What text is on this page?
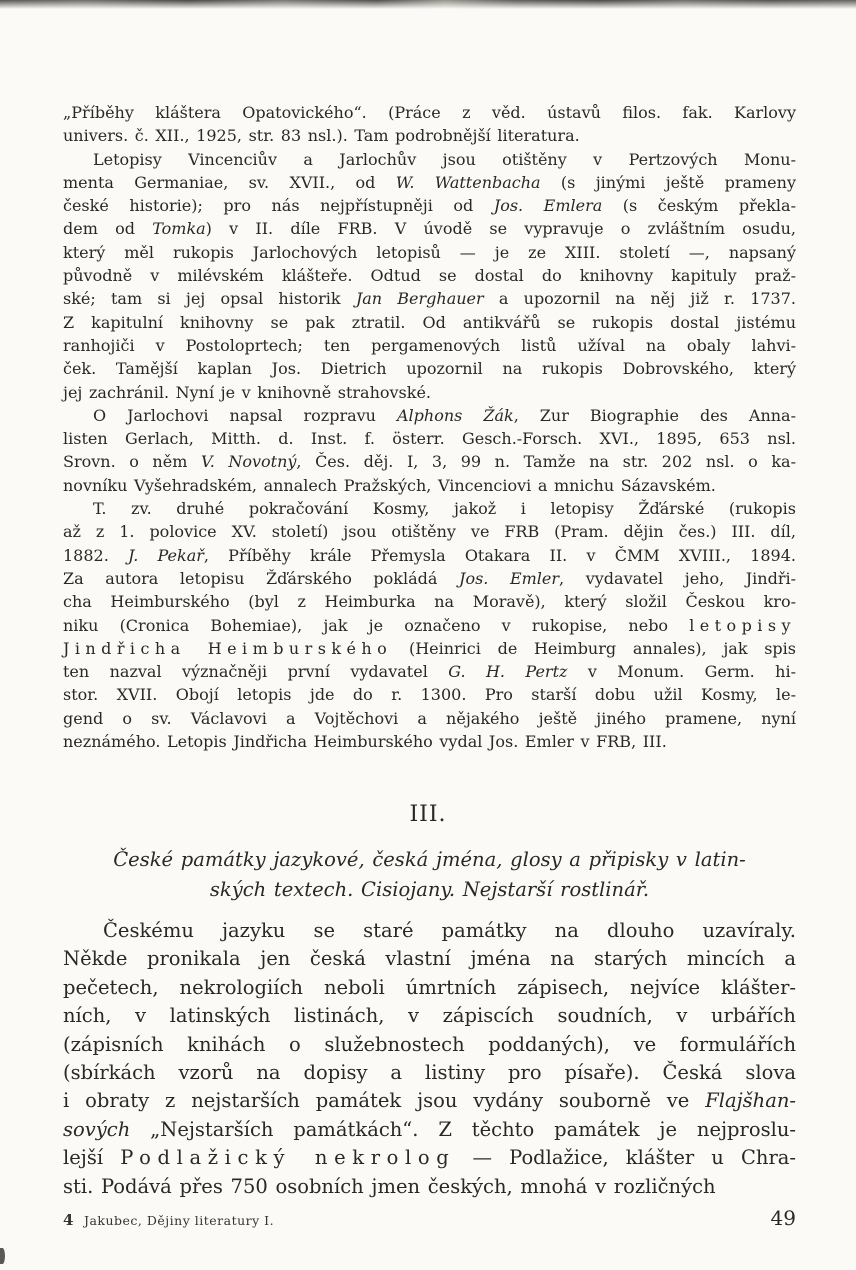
„Příběhy kláštera Opatovického“. (Práce z věd. ústavů filos. fak. Karlovy
univers. č. XII., 1925, str. 83 nsl.). Tam podrobnější literatura.
Letopisy Vincenciův a Jarlochův jsou otištěny v Pertzových Monu-
menta Germaniae, sv. XVII., od W. Wattenbacha (s jinými ještě prameny
české historie); pro nás nejpřístupněji od Jos. Emlera (s českým překla-
dem od Tomka) v II. díle FRB. V úvodě se vypravuje o zvláštním osudu,
který měl rukopis Jarlochových letopisů — je ze XIII. století —, napsaný
původně v milévském klášteře. Odtud se dostal do knihovny kapituly praž-
ské; tam si jej opsal historik Jan Berghauer a upozornil na něj již r. 1737.
Z kapitulní knihovny se pak ztratil. Od antikvářů se rukopis dostal jistému
ranhojiči v Postoloprtech; ten pergamenových listů užíval na obaly lahvi-
ček. Tamější kaplan Jos. Dietrich upozornil na rukopis Dobrovského, který
jej zachránil. Nyní je v knihovně strahovské.
O Jarlochovi napsal rozpravu Alphons Žák, Zur Biographie des Anna-
listen Gerlach, Mitth. d. Inst. f. österr. Gesch.-Forsch. XVI., 1895, 653 nsl.
Srovn. o něm V. Novotný, Čes. děj. I, 3, 99 n. Tamže na str. 202 nsl. o ka-
novníku Vyšehradském, annalech Pražských, Vincenciovi a mnichu Sázavském.
T. zv. druhé pokračování Kosmy, jakož i letopisy Žďárské (rukopis
až z 1. polovice XV. století) jsou otištěny ve FRB (Pram. dějin čes.) III. díl,
1882. J. Pekař, Příběhy krále Přemysla Otakara II. v ČMM XVIII., 1894.
Za autora letopisu Žďárského pokládá Jos. Emler, vydavatel jeho, Jindři-
cha Heimburského (byl z Heimburka na Moravě), který složil Českou kro-
niku (Cronica Bohemiae), jak je označeno v rukopise, nebo letopisy
Jindřicha Heimburského (Heinrici de Heimburg annales), jak spis
ten nazval význačněji první vydavatel G. H. Pertz v Monum. Germ. hi-
stor. XVII. Obojí letopis jde do r. 1300. Pro starší dobu užil Kosmy, le-
gend o sv. Václavovi a Vojtěchovi a nějakého ještě jiného pramene, nyní
neznámého. Letopis Jindřicha Heimburského vydal Jos. Emler v FRB, III.
III.
České památky jazykové, česká jména, glosy a připisky v latin-
ských textech. Cisiojany. Nejstarší rostlinář.
Českému jazyku se staré památky na dlouho uzavíraly.
Někde pronikala jen česká vlastní jména na starých mincích a
pečetech, nekrologiích neboli úmrtních zápisech, nejvíce klášter-
ních, v latinských listinách, v zápiscích soudních, v urbářích
(zápisních knihách o služebnostech poddaných), ve formulářích
(sbírkách vzorů na dopisy a listiny pro písaře). Česká slova
i obraty z nejstarších památek jsou vydány souborně ve Flajšhan-
sových „Nejstarších památkách“. Z těchto památek je nejproslu-
lejší Podlažický nekrolog — Podlažice, klášter u Chra-
sti. Podává přes 750 osobních jmen českých, mnohá v rozličných
4 Jakubec, Dějiny literatury I.	49
